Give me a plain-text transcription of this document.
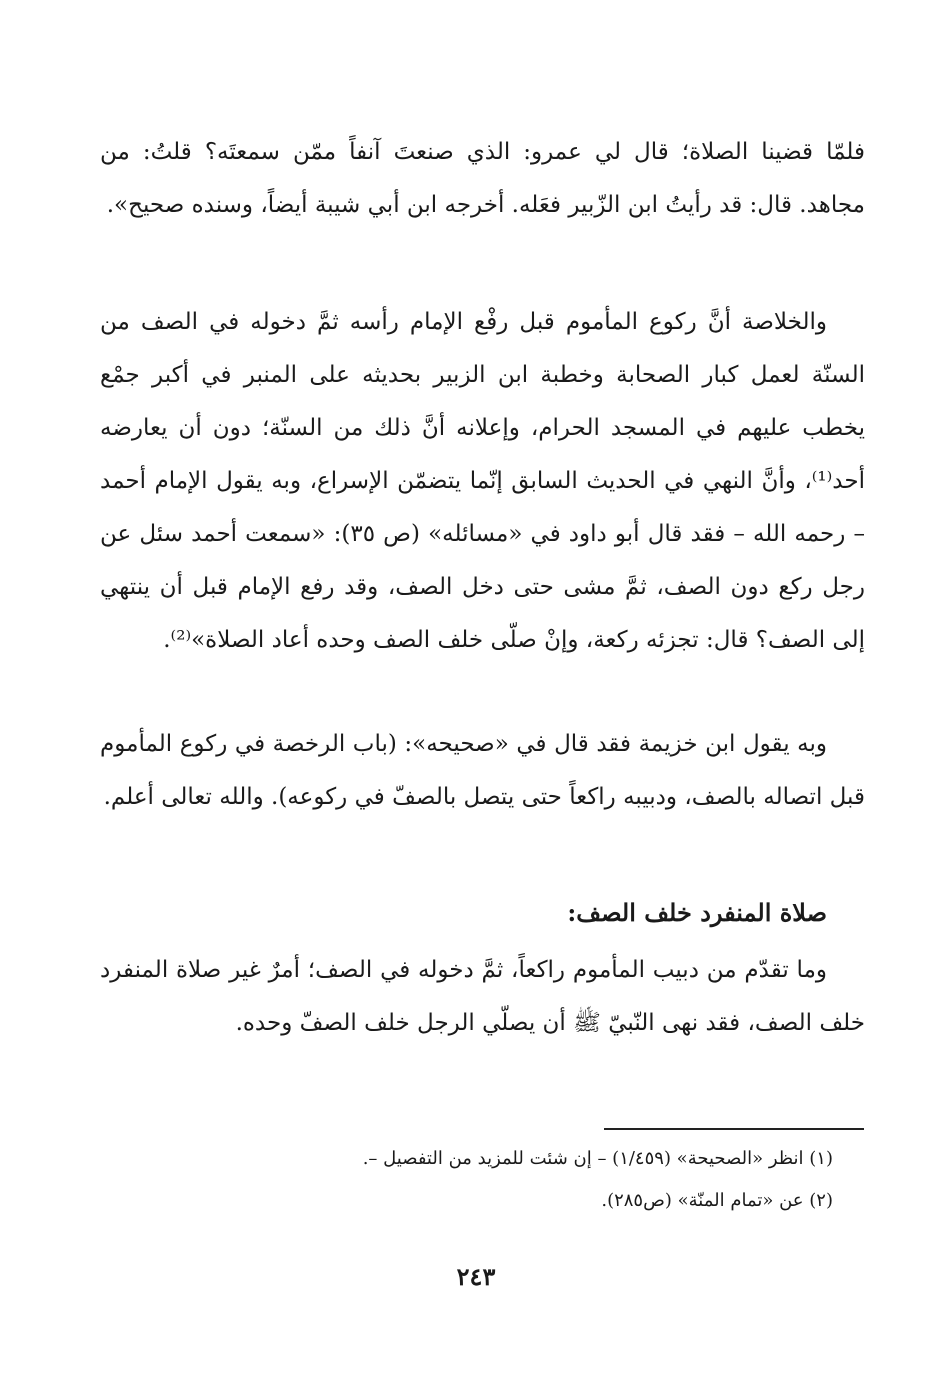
فلمّا قضينا الصلاة؛ قال لي عمرو: الذي صنعتَ آنفاً ممّن سمعتَه؟ قلتُ: من مجاهد. قال: قد رأيتُ ابن الزّبير فعَله. أخرجه ابن أبي شيبة أيضاً، وسنده صحيح».

والخلاصة أنَّ ركوع المأموم قبل رفْع الإمام رأسه ثمَّ دخوله في الصف من السنّة لعمل كبار الصحابة وخطبة ابن الزبير بحديثه على المنبر في أكبر جمْع يخطب عليهم في المسجد الحرام، وإعلانه أنَّ ذلك من السنّة؛ دون أن يعارضه أحد⁽¹⁾، وأنَّ النهي في الحديث السابق إنّما يتضمّن الإسراع، وبه يقول الإمام أحمد – رحمه الله – فقد قال أبو داود في «مسائله» (ص ٣٥): «سمعت أحمد سئل عن رجل ركع دون الصف، ثمَّ مشى حتى دخل الصف، وقد رفع الإمام قبل أن ينتهي إلى الصف؟ قال: تجزئه ركعة، وإنْ صلّى خلف الصف وحده أعاد الصلاة»⁽²⁾.

وبه يقول ابن خزيمة فقد قال في «صحيحه»: (باب الرخصة في ركوع المأموم قبل اتصاله بالصف، ودبيبه راكعاً حتى يتصل بالصفّ في ركوعه). والله تعالى أعلم.

صلاة المنفرد خلف الصف:

وما تقدّم من دبيب المأموم راكعاً، ثمَّ دخوله في الصف؛ أمرٌ غير صلاة المنفرد خلف الصف، فقد نهى النّبيّ ﷺ أن يصلّي الرجل خلف الصفّ وحده.

(١) انظر «الصحيحة» (١/٤٥٩) – إن شئت للمزيد من التفصيل –.

(٢) عن «تمام المنّة» (ص٢٨٥).

٢٤٣
